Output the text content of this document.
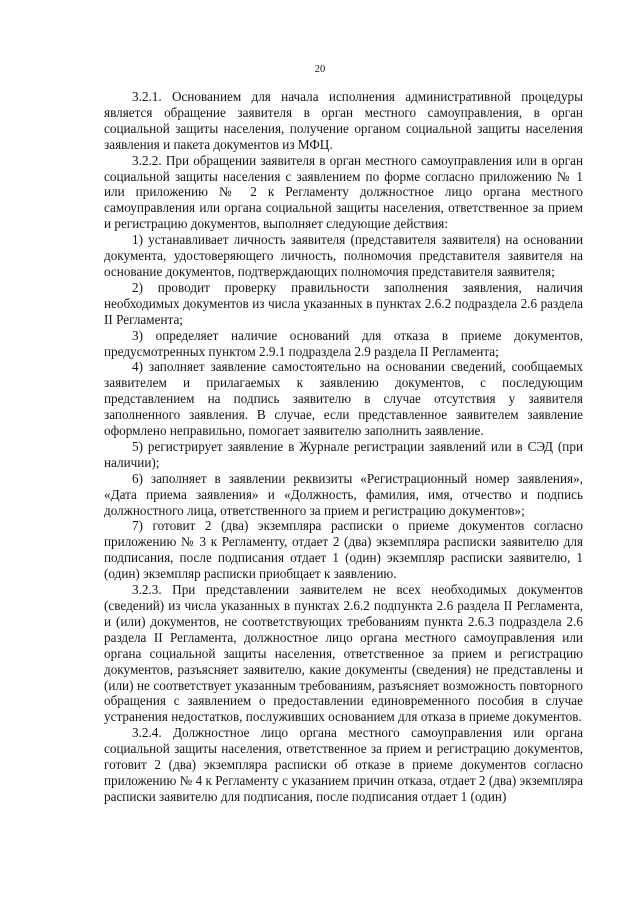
20

3.2.1. Основанием для начала исполнения административной процедуры является обращение заявителя в орган местного самоуправления, в орган социальной защиты населения, получение органом социальной защиты населения заявления и пакета документов из МФЦ.

3.2.2. При обращении заявителя в орган местного самоуправления или в орган социальной защиты населения с заявлением по форме согласно приложению № 1 или приложению № 2 к Регламенту должностное лицо органа местного самоуправления или органа социальной защиты населения, ответственное за прием и регистрацию документов, выполняет следующие действия:

1) устанавливает личность заявителя (представителя заявителя) на основании документа, удостоверяющего личность, полномочия представителя заявителя на основание документов, подтверждающих полномочия представителя заявителя;

2) проводит проверку правильности заполнения заявления, наличия необходимых документов из числа указанных в пунктах 2.6.2 подраздела 2.6 раздела II Регламента;

3) определяет наличие оснований для отказа в приеме документов, предусмотренных пунктом 2.9.1 подраздела 2.9 раздела II Регламента;

4) заполняет заявление самостоятельно на основании сведений, сообщаемых заявителем и прилагаемых к заявлению документов, с последующим представлением на подпись заявителю в случае отсутствия у заявителя заполненного заявления. В случае, если представленное заявителем заявление оформлено неправильно, помогает заявителю заполнить заявление.

5) регистрирует заявление в Журнале регистрации заявлений или в СЭД (при наличии);

6) заполняет в заявлении реквизиты «Регистрационный номер заявления», «Дата приема заявления» и «Должность, фамилия, имя, отчество и подпись должностного лица, ответственного за прием и регистрацию документов»;

7) готовит 2 (два) экземпляра расписки о приеме документов согласно приложению № 3 к Регламенту, отдает 2 (два) экземпляра расписки заявителю для подписания, после подписания отдает 1 (один) экземпляр расписки заявителю, 1 (один) экземпляр расписки приобщает к заявлению.

3.2.3. При представлении заявителем не всех необходимых документов (сведений) из числа указанных в пунктах 2.6.2 подпункта 2.6 раздела II Регламента, и (или) документов, не соответствующих требованиям пункта 2.6.3 подраздела 2.6 раздела II Регламента, должностное лицо органа местного самоуправления или органа социальной защиты населения, ответственное за прием и регистрацию документов, разъясняет заявителю, какие документы (сведения) не представлены и (или) не соответствует указанным требованиям, разъясняет возможность повторного обращения с заявлением о предоставлении единовременного пособия в случае устранения недостатков, послуживших основанием для отказа в приеме документов.

3.2.4. Должностное лицо органа местного самоуправления или органа социальной защиты населения, ответственное за прием и регистрацию документов, готовит 2 (два) экземпляра расписки об отказе в приеме документов согласно приложению № 4 к Регламенту с указанием причин отказа, отдает 2 (два) экземпляра расписки заявителю для подписания, после подписания отдает 1 (один)
